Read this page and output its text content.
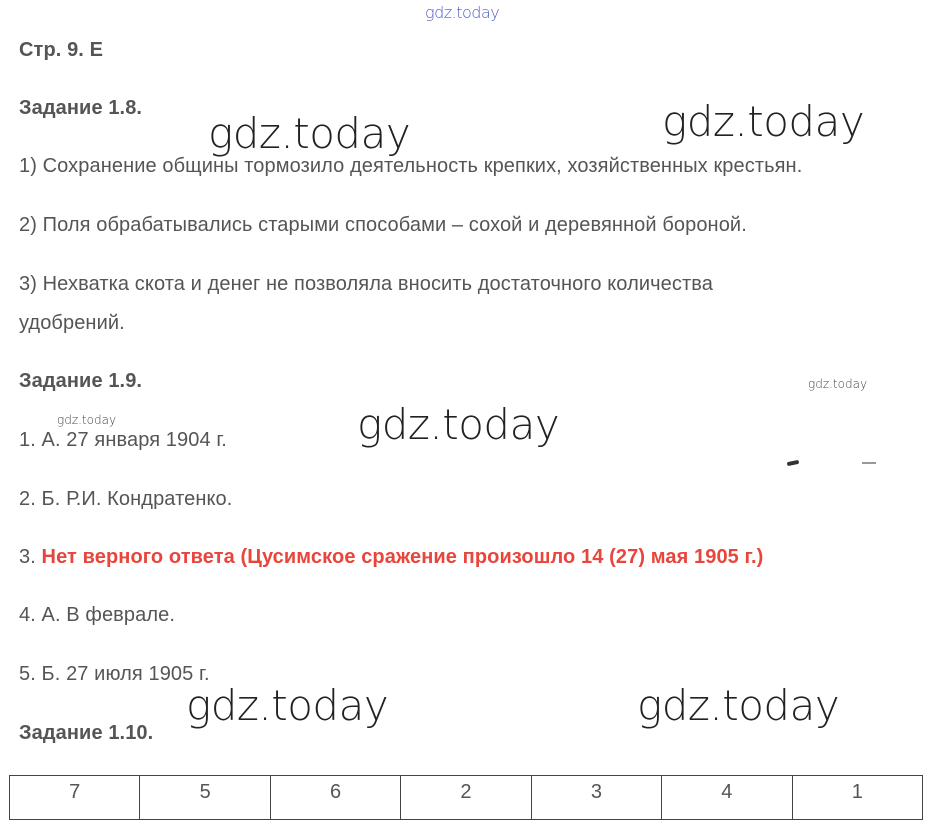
gdz.today
Стр. 9. Е
Задание 1.8.
1) Сохранение общины тормозило деятельность крепких, хозяйственных крестьян.
2) Поля обрабатывались старыми способами – сохой и деревянной бороной.
3) Нехватка скота и денег не позволяла вносить достаточного количества
удобрений.
Задание 1.9.
1. А. 27 января 1904 г.
2. Б. Р.И. Кондратенко.
3. Нет верного ответа (Цусимское сражение произошло 14 (27) мая 1905 г.)
4. А. В феврале.
5. Б. 27 июля 1905 г.
Задание 1.10.
7	5	6	2	3	4	1
gdz.today	gdz.today
gdz.today
gdz.today	gdz.today
gdz.today
gdz.today
